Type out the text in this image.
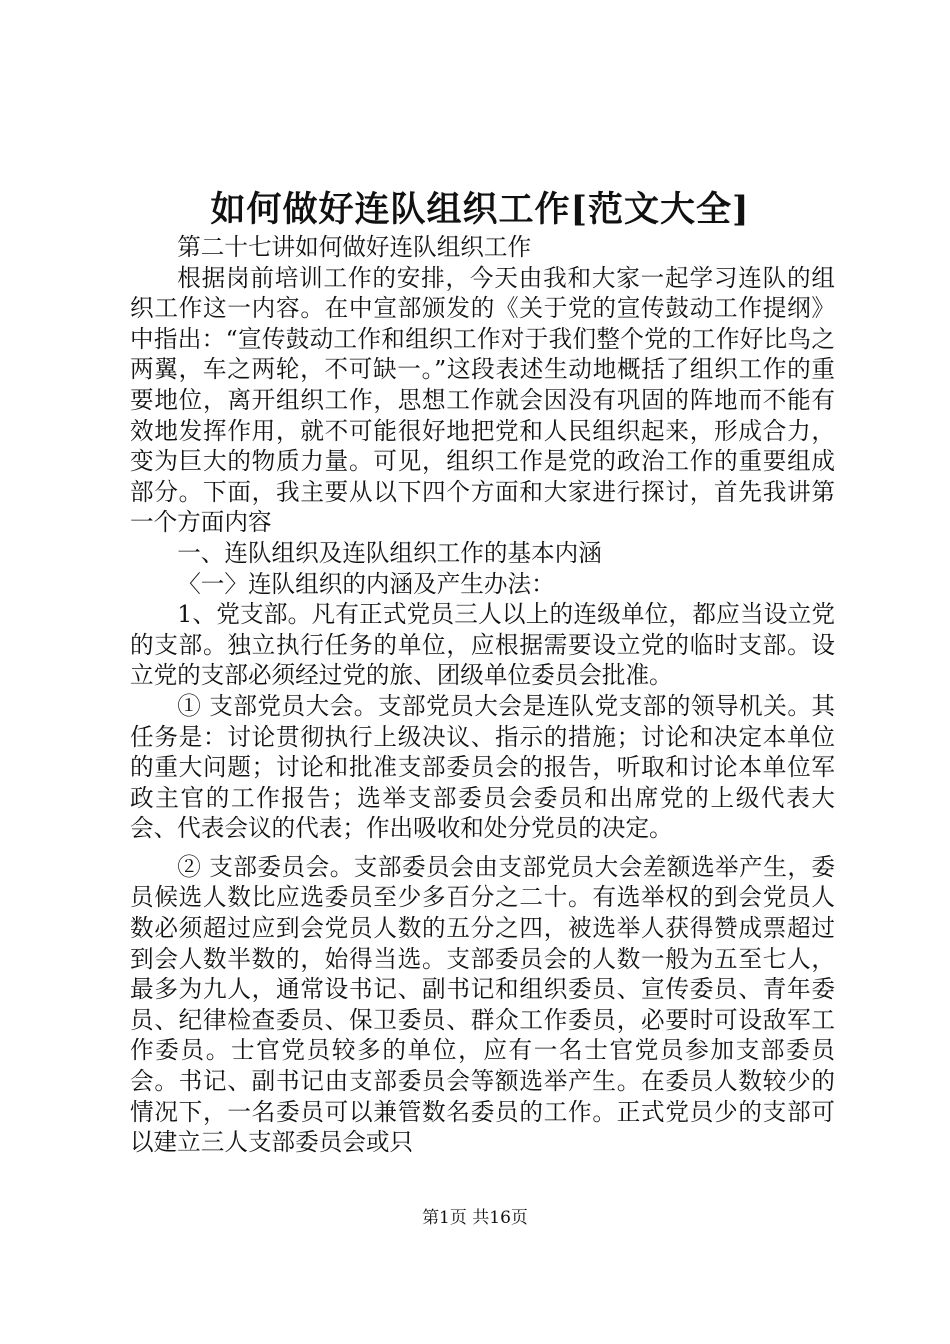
如何做好连队组织工作[范文大全]

第二十七讲如何做好连队组织工作

根据岗前培训工作的安排，今天由我和大家一起学习连队的组织工作这一内容。在中宣部颁发的《关于党的宣传鼓动工作提纲》中指出：“宣传鼓动工作和组织工作对于我们整个党的工作好比鸟之两翼，车之两轮，不可缺一。”这段表述生动地概括了组织工作的重要地位，离开组织工作，思想工作就会因没有巩固的阵地而不能有效地发挥作用，就不可能很好地把党和人民组织起来，形成合力，变为巨大的物质力量。可见，组织工作是党的政治工作的重要组成部分。下面，我主要从以下四个方面和大家进行探讨，首先我讲第一个方面内容

一、连队组织及连队组织工作的基本内涵

〈一〉连队组织的内涵及产生办法：

1、党支部。凡有正式党员三人以上的连级单位，都应当设立党的支部。独立执行任务的单位，应根据需要设立党的临时支部。设立党的支部必须经过党的旅、团级单位委员会批准。

① 支部党员大会。支部党员大会是连队党支部的领导机关。其任务是：讨论贯彻执行上级决议、指示的措施；讨论和决定本单位的重大问题；讨论和批准支部委员会的报告，听取和讨论本单位军政主官的工作报告；选举支部委员会委员和出席党的上级代表大会、代表会议的代表；作出吸收和处分党员的决定。

② 支部委员会。支部委员会由支部党员大会差额选举产生，委员候选人数比应选委员至少多百分之二十。有选举权的到会党员人数必须超过应到会党员人数的五分之四，被选举人获得赞成票超过到会人数半数的，始得当选。支部委员会的人数一般为五至七人，最多为九人，通常设书记、副书记和组织委员、宣传委员、青年委员、纪律检查委员、保卫委员、群众工作委员，必要时可设敌军工作委员。士官党员较多的单位，应有一名士官党员参加支部委员会。书记、副书记由支部委员会等额选举产生。在委员人数较少的情况下，一名委员可以兼管数名委员的工作。正式党员少的支部可以建立三人支部委员会或只

第1页 共16页
